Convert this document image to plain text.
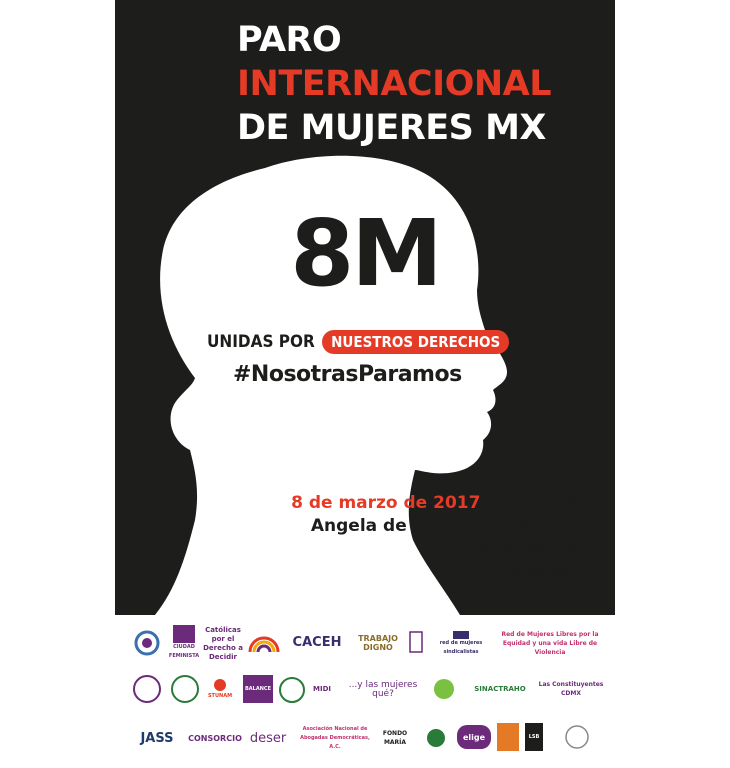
PARO
INTERNACIONAL
DE MUJERES MX
8M
UNIDAS POR NUESTROS DERECHOS
#NosotrasParamos
8 de marzo de 2017 16:00 hrs
Angela de la Independencia
Valla humana
@ParoMx
CIUDAD FEMINISTA
Católicas por el Derecho a Decidir
CACEH	TRABAJO DIGNO	red de mujeres sindicalistas
Red de Mujeres Libres por la Equidad y una vida Libre de Violencia
STUNAM
BALANCE	MIDI	...y las mujeres qué?
SINACTRAHO	Las Constituyentes CDMX
JASS CONSORCIO deser
Asociación Nacional de Abogadas Democráticas, A.C.
FONDO MARÍA
elige	LSB
